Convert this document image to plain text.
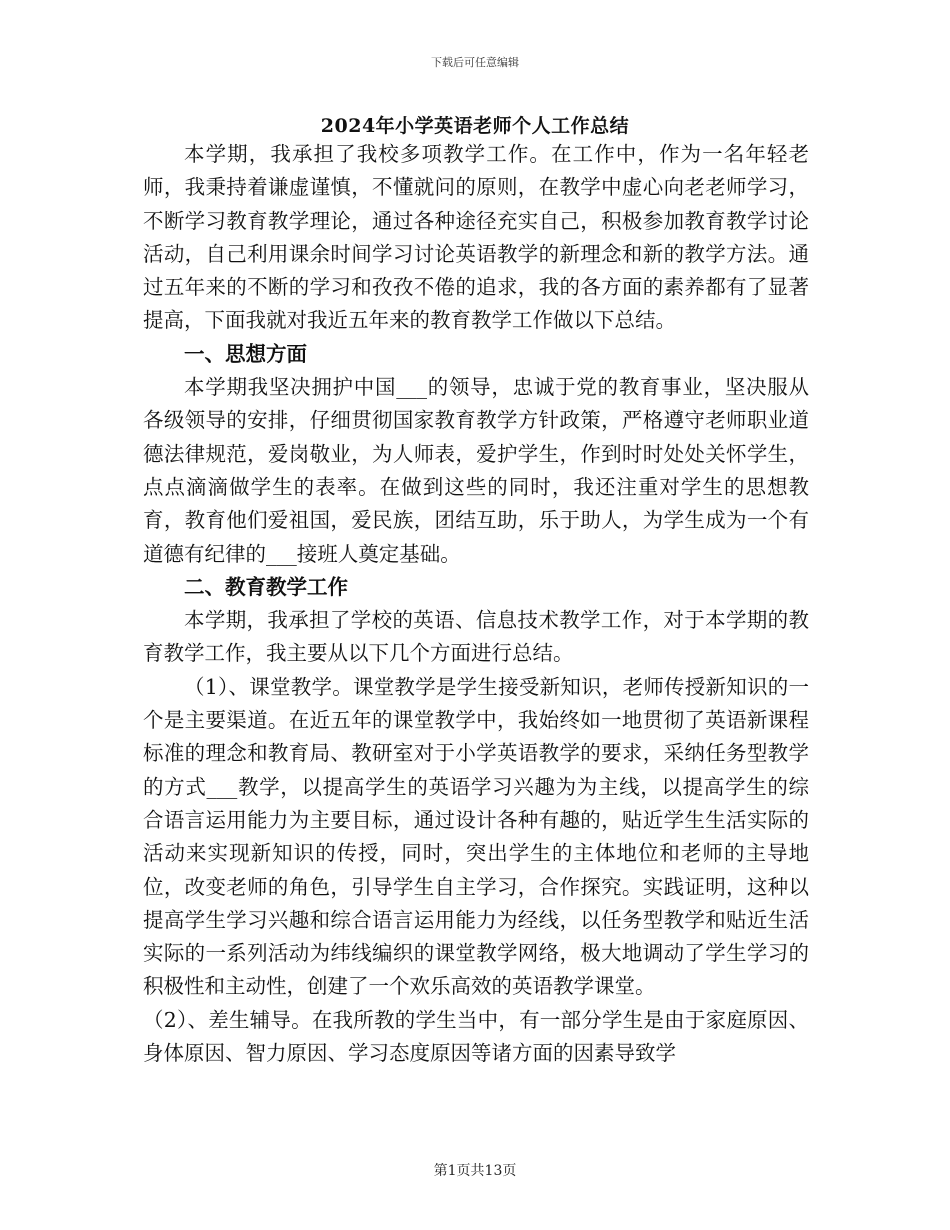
下载后可任意编辑
2024年小学英语老师个人工作总结

本学期，我承担了我校多项教学工作。在工作中，作为一名年轻老师，我秉持着谦虚谨慎，不懂就问的原则，在教学中虚心向老老师学习，不断学习教育教学理论，通过各种途径充实自己，积极参加教育教学讨论活动，自己利用课余时间学习讨论英语教学的新理念和新的教学方法。通过五年来的不断的学习和孜孜不倦的追求，我的各方面的素养都有了显著提高，下面我就对我近五年来的教育教学工作做以下总结。

一、思想方面

本学期我坚决拥护中国___的领导，忠诚于党的教育事业，坚决服从各级领导的安排，仔细贯彻国家教育教学方针政策，严格遵守老师职业道德法律规范，爱岗敬业，为人师表，爱护学生，作到时时处处关怀学生，点点滴滴做学生的表率。在做到这些的同时，我还注重对学生的思想教育，教育他们爱祖国，爱民族，团结互助，乐于助人，为学生成为一个有道德有纪律的___接班人奠定基础。

二、教育教学工作

本学期，我承担了学校的英语、信息技术教学工作，对于本学期的教育教学工作，我主要从以下几个方面进行总结。

（1）、课堂教学。课堂教学是学生接受新知识，老师传授新知识的一个是主要渠道。在近五年的课堂教学中，我始终如一地贯彻了英语新课程标准的理念和教育局、教研室对于小学英语教学的要求，采纳任务型教学的方式___教学，以提高学生的英语学习兴趣为为主线，以提高学生的综合语言运用能力为主要目标，通过设计各种有趣的，贴近学生生活实际的活动来实现新知识的传授，同时，突出学生的主体地位和老师的主导地位，改变老师的角色，引导学生自主学习，合作探究。实践证明，这种以提高学生学习兴趣和综合语言运用能力为经线，以任务型教学和贴近生活实际的一系列活动为纬线编织的课堂教学网络，极大地调动了学生学习的积极性和主动性，创建了一个欢乐高效的英语教学课堂。

（2）、差生辅导。在我所教的学生当中，有一部分学生是由于家庭原因、身体原因、智力原因、学习态度原因等诸方面的因素导致学

第1页共13页
